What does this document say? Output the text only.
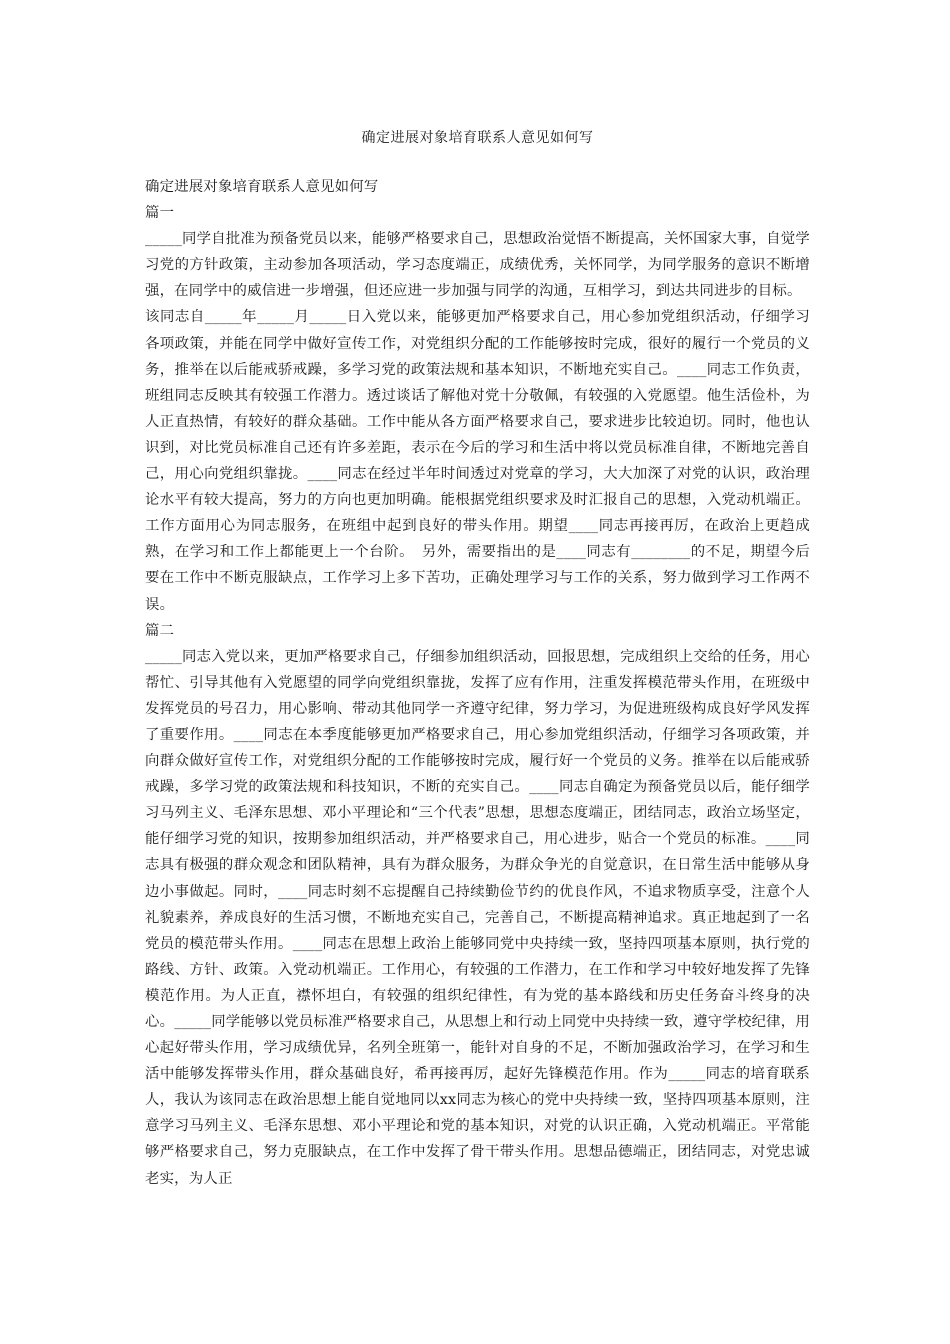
确定进展对象培育联系人意见如何写

确定进展对象培育联系人意见如何写

篇一

_____同学自批准为预备党员以来，能够严格要求自己，思想政治觉悟不断提高，关怀国家大事，自觉学习党的方针政策，主动参加各项活动，学习态度端正，成绩优秀，关怀同学，为同学服务的意识不断增强，在同学中的威信进一步增强，但还应进一步加强与同学的沟通，互相学习，到达共同进步的目标。

该同志自_____年_____月_____日入党以来，能够更加严格要求自己，用心参加党组织活动，仔细学习各项政策，并能在同学中做好宣传工作，对党组织分配的工作能够按时完成，很好的履行一个党员的义务，推举在以后能戒骄戒躁，多学习党的政策法规和基本知识，不断地充实自己。____同志工作负责，班组同志反映其有较强工作潜力。透过谈话了解他对党十分敬佩，有较强的入党愿望。他生活俭朴，为人正直热情，有较好的群众基础。工作中能从各方面严格要求自己，要求进步比较迫切。同时，他也认识到，对比党员标准自己还有许多差距，表示在今后的学习和生活中将以党员标准自律，不断地完善自己，用心向党组织靠拢。____同志在经过半年时间透过对党章的学习，大大加深了对党的认识，政治理论水平有较大提高，努力的方向也更加明确。能根据党组织要求及时汇报自己的思想，入党动机端正。工作方面用心为同志服务，在班组中起到良好的带头作用。期望____同志再接再厉，在政治上更趋成熟，在学习和工作上都能更上一个台阶。　另外，需要指出的是____同志有________的不足，期望今后要在工作中不断克服缺点，工作学习上多下苦功，正确处理学习与工作的关系，努力做到学习工作两不误。

篇二

_____同志入党以来，更加严格要求自己，仔细参加组织活动，回报思想，完成组织上交给的任务，用心帮忙、引导其他有入党愿望的同学向党组织靠拢，发挥了应有作用，注重发挥模范带头作用，在班级中发挥党员的号召力，用心影响、带动其他同学一齐遵守纪律，努力学习，为促进班级构成良好学风发挥了重要作用。____同志在本季度能够更加严格要求自己，用心参加党组织活动，仔细学习各项政策，并向群众做好宣传工作，对党组织分配的工作能够按时完成，履行好一个党员的义务。推举在以后能戒骄戒躁，多学习党的政策法规和科技知识，不断的充实自己。____同志自确定为预备党员以后，能仔细学习马列主义、毛泽东思想、邓小平理论和“三个代表”思想，思想态度端正，团结同志，政治立场坚定，能仔细学习党的知识，按期参加组织活动，并严格要求自己，用心进步，贴合一个党员的标准。____同志具有极强的群众观念和团队精神，具有为群众服务，为群众争光的自觉意识，在日常生活中能够从身边小事做起。同时，____同志时刻不忘提醒自己持续勤俭节约的优良作风，不追求物质享受，注意个人礼貌素养，养成良好的生活习惯，不断地充实自己，完善自己，不断提高精神追求。真正地起到了一名党员的模范带头作用。____同志在思想上政治上能够同党中央持续一致，坚持四项基本原则，执行党的路线、方针、政策。入党动机端正。工作用心，有较强的工作潜力，在工作和学习中较好地发挥了先锋模范作用。为人正直，襟怀坦白，有较强的组织纪律性，有为党的基本路线和历史任务奋斗终身的决心。_____同学能够以党员标准严格要求自己，从思想上和行动上同党中央持续一致，遵守学校纪律，用心起好带头作用，学习成绩优异，名列全班第一，能针对自身的不足，不断加强政治学习，在学习和生活中能够发挥带头作用，群众基础良好，希再接再厉，起好先锋模范作用。作为_____同志的培育联系人，我认为该同志在政治思想上能自觉地同以xx同志为核心的党中央持续一致，坚持四项基本原则，注意学习马列主义、毛泽东思想、邓小平理论和党的基本知识，对党的认识正确，入党动机端正。平常能够严格要求自己，努力克服缺点，在工作中发挥了骨干带头作用。思想品德端正，团结同志，对党忠诚老实，为人正
